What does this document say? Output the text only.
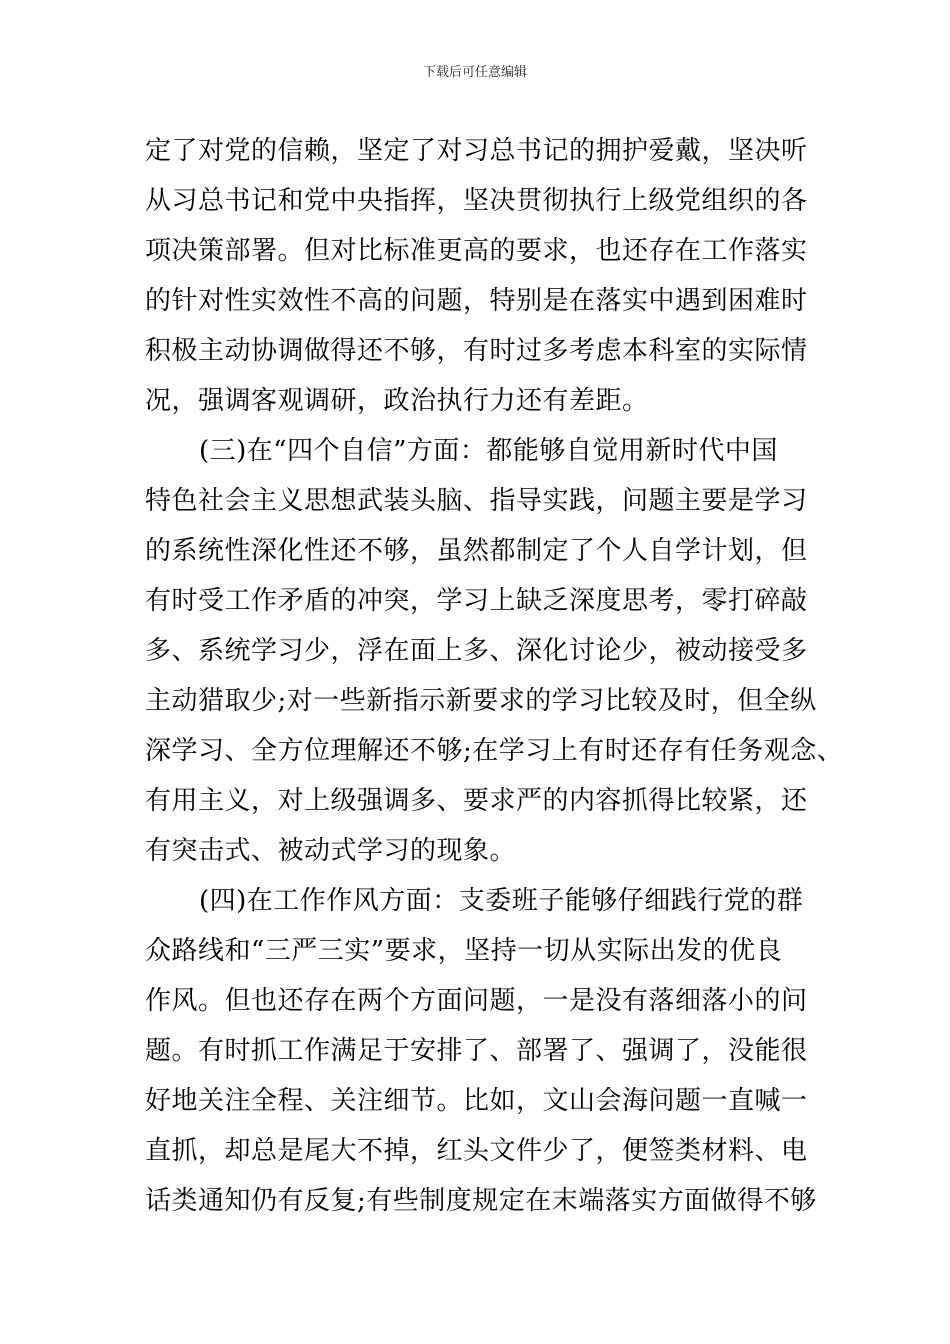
下载后可任意编辑
定了对党的信赖，坚定了对习总书记的拥护爱戴，坚决听
从习总书记和党中央指挥，坚决贯彻执行上级党组织的各
项决策部署。但对比标准更高的要求，也还存在工作落实
的针对性实效性不高的问题，特别是在落实中遇到困难时
积极主动协调做得还不够，有时过多考虑本科室的实际情
况，强调客观调研，政治执行力还有差距。
(三)在“四个自信”方面：都能够自觉用新时代中国
特色社会主义思想武装头脑、指导实践，问题主要是学习
的系统性深化性还不够，虽然都制定了个人自学计划，但
有时受工作矛盾的冲突，学习上缺乏深度思考，零打碎敲
多、系统学习少，浮在面上多、深化讨论少，被动接受多
主动猎取少;对一些新指示新要求的学习比较及时，但全纵
深学习、全方位理解还不够;在学习上有时还存有任务观念、
有用主义，对上级强调多、要求严的内容抓得比较紧，还
有突击式、被动式学习的现象。
(四)在工作作风方面：支委班子能够仔细践行党的群
众路线和“三严三实”要求，坚持一切从实际出发的优良
作风。但也还存在两个方面问题，一是没有落细落小的问
题。有时抓工作满足于安排了、部署了、强调了，没能很
好地关注全程、关注细节。比如，文山会海问题一直喊一
直抓，却总是尾大不掉，红头文件少了，便签类材料、电
话类通知仍有反复;有些制度规定在末端落实方面做得不够
